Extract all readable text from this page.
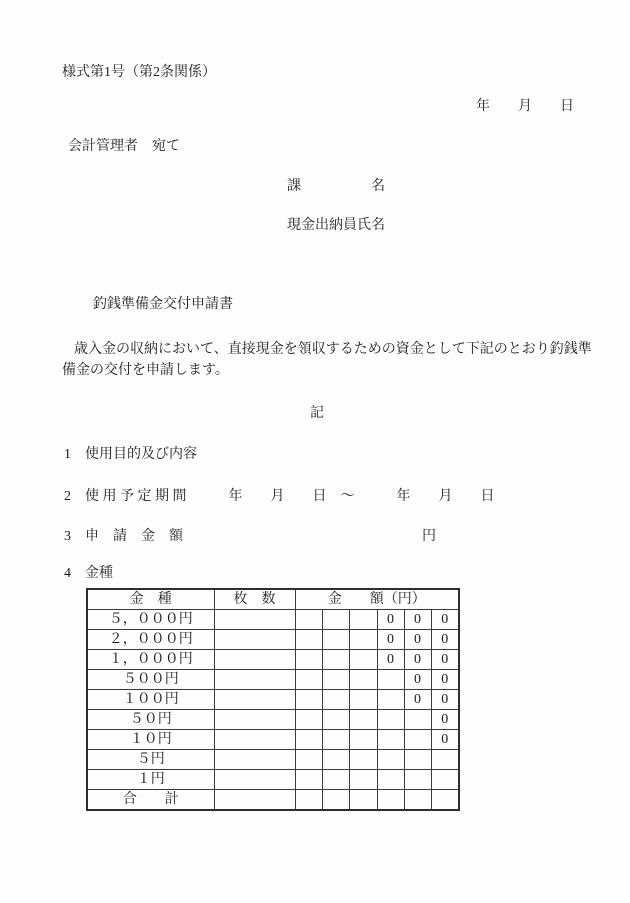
様式第1号（第2条関係）
年　　月　　日
会計管理者　宛て
課　　　　　名
現金出納員氏名
釣銭準備金交付申請書
歳入金の収納において、直接現金を領収するための資金として下記のとおり釣銭準
備金の交付を申請します。
記
1　使用目的及び内容
2　使 用 予 定 期 間　　　年　　月　　日　～　　　年　　月　　日
3　申　請　金　額	円
4　金種
金　種	枚　数	金　　額（円）					
５，０００円					0	0	0
２，０００円					0	0	0
１，０００円					0	0	0
５００円						0	0
１００円						0	0
５０円							0
１０円							0
５円							
１円							
合　　計							
